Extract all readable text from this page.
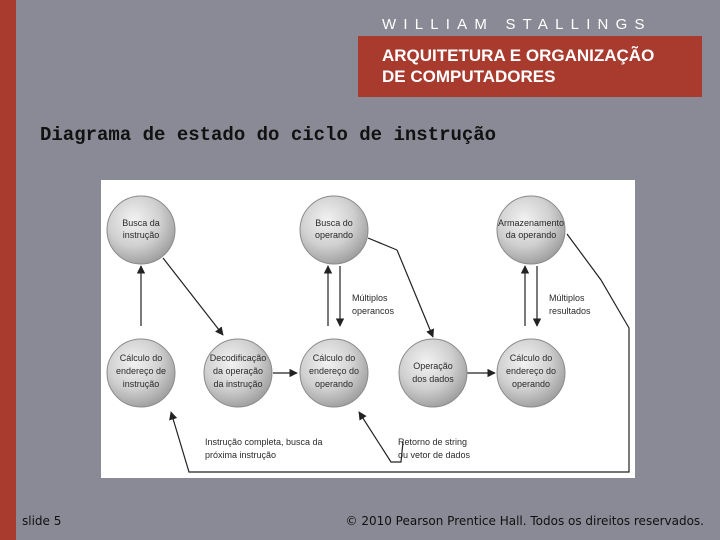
WILLIAM STALLINGS
ARQUITETURA E ORGANIZAÇÃO
DE COMPUTADORES
Diagrama de estado do ciclo de instrução
Busca da
instrução
Busca do
operando
Armazenamento
da operando
Cálculo do
endereço de
instrução
Decodificação
da operação
da instrução
Cálculo do
endereço do
operando
Operação
dos dados
Cálculo do
endereço do
operando
Múltiplos
operancos
Múltiplos
resultados
Instrução completa, busca da
próxima instrução
Retorno de string
ou vetor de dados
slide 5	© 2010 Pearson Prentice Hall. Todos os direitos reservados.
